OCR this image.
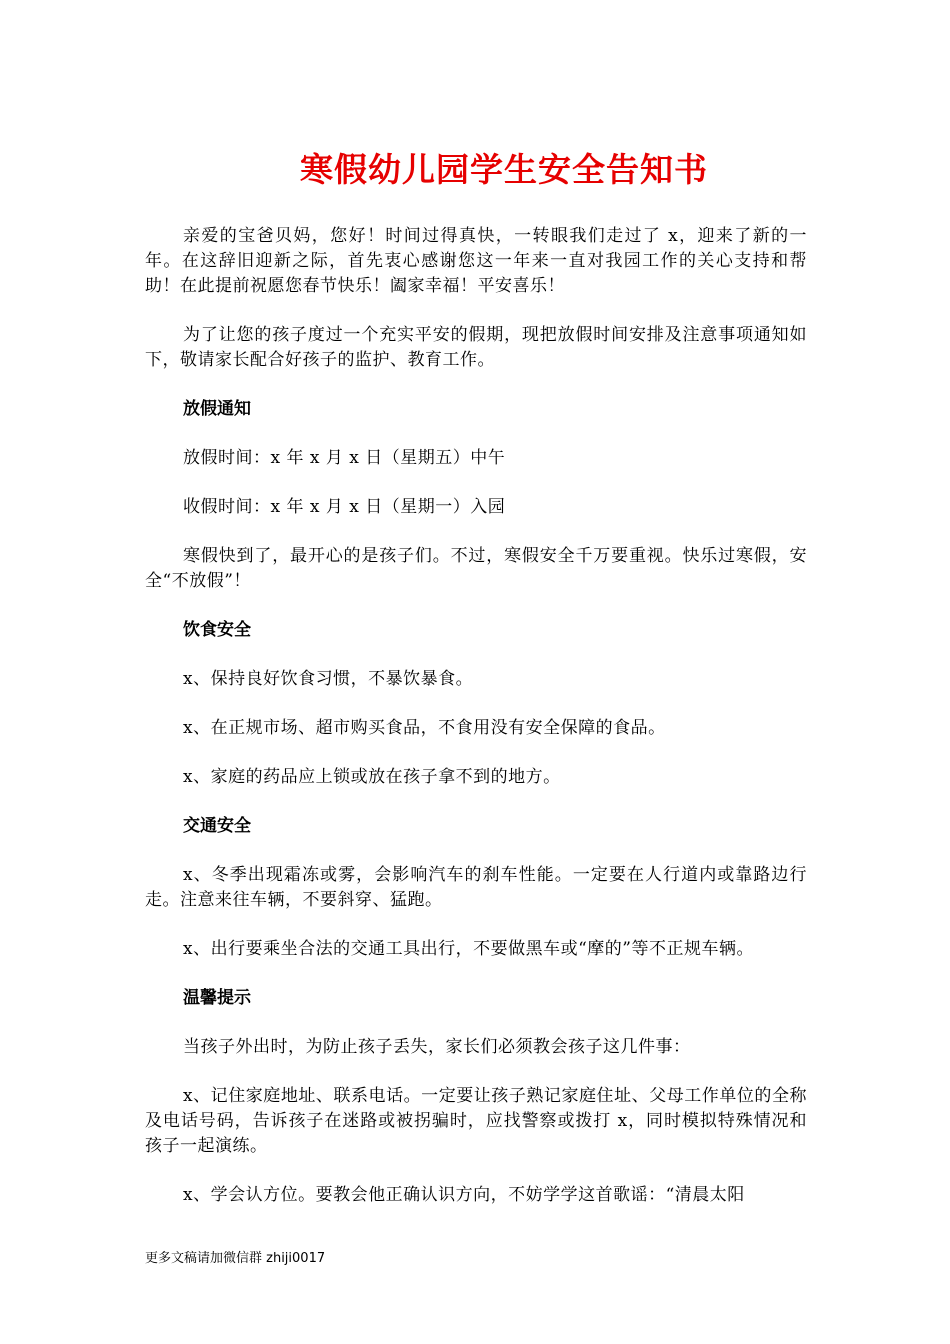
寒假幼儿园学生安全告知书

亲爱的宝爸贝妈，您好！时间过得真快，一转眼我们走过了 x，迎来了新的一年。在这辞旧迎新之际，首先衷心感谢您这一年来一直对我园工作的关心支持和帮助！在此提前祝愿您春节快乐！阖家幸福！平安喜乐！

为了让您的孩子度过一个充实平安的假期，现把放假时间安排及注意事项通知如下，敬请家长配合好孩子的监护、教育工作。

放假通知

放假时间：x 年 x 月 x 日（星期五）中午

收假时间：x 年 x 月 x 日（星期一）入园

寒假快到了，最开心的是孩子们。不过，寒假安全千万要重视。快乐过寒假，安全“不放假”！

饮食安全

x、保持良好饮食习惯，不暴饮暴食。

x、在正规市场、超市购买食品，不食用没有安全保障的食品。

x、家庭的药品应上锁或放在孩子拿不到的地方。

交通安全

x、冬季出现霜冻或雾，会影响汽车的刹车性能。一定要在人行道内或靠路边行走。注意来往车辆，不要斜穿、猛跑。

x、出行要乘坐合法的交通工具出行，不要做黑车或“摩的”等不正规车辆。

温馨提示

当孩子外出时，为防止孩子丢失，家长们必须教会孩子这几件事：

x、记住家庭地址、联系电话。一定要让孩子熟记家庭住址、父母工作单位的全称及电话号码，告诉孩子在迷路或被拐骗时，应找警察或拨打 x，同时模拟特殊情况和孩子一起演练。

x、学会认方位。要教会他正确认识方向，不妨学学这首歌谣：“清晨太阳

更多文稿请加微信群 zhiji0017
